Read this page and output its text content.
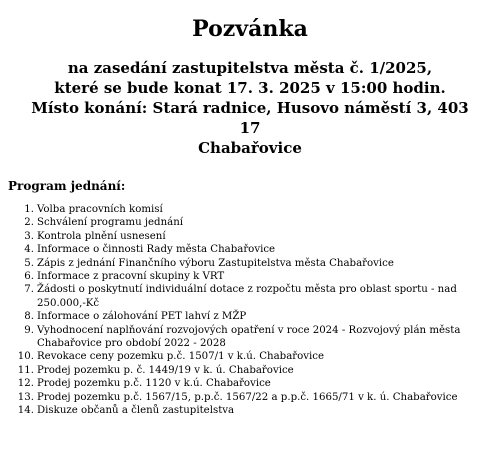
Pozvánka
na zasedání zastupitelstva města č. 1/2025,
které se bude konat 17. 3. 2025 v 15:00 hodin.
Místo konání: Stará radnice, Husovo náměstí 3, 403 17
Chabařovice
Program jednání:
1. Volba pracovních komisí
2. Schválení programu jednání
3. Kontrola plnění usnesení
4. Informace o činnosti Rady města Chabařovice
5. Zápis z jednání Finančního výboru Zastupitelstva města Chabařovice
6. Informace z pracovní skupiny k VRT
7. Žádosti o poskytnutí individuální dotace z rozpočtu města pro oblast sportu - nad 250.000,-Kč
8. Informace o zálohování PET lahví z MŽP
9. Vyhodnocení naplňování rozvojových opatření v roce 2024 - Rozvojový plán města Chabařovice pro období 2022 - 2028
10. Revokace ceny pozemku p.č. 1507/1 v k.ú. Chabařovice
11. Prodej pozemku p. č. 1449/19 v k. ú. Chabařovice
12. Prodej pozemku p.č. 1120 v k.ú. Chabařovice
13. Prodej pozemku p.č. 1567/15, p.p.č. 1567/22 a p.p.č. 1665/71 v k. ú. Chabařovice
14. Diskuze občanů a členů zastupitelstva
